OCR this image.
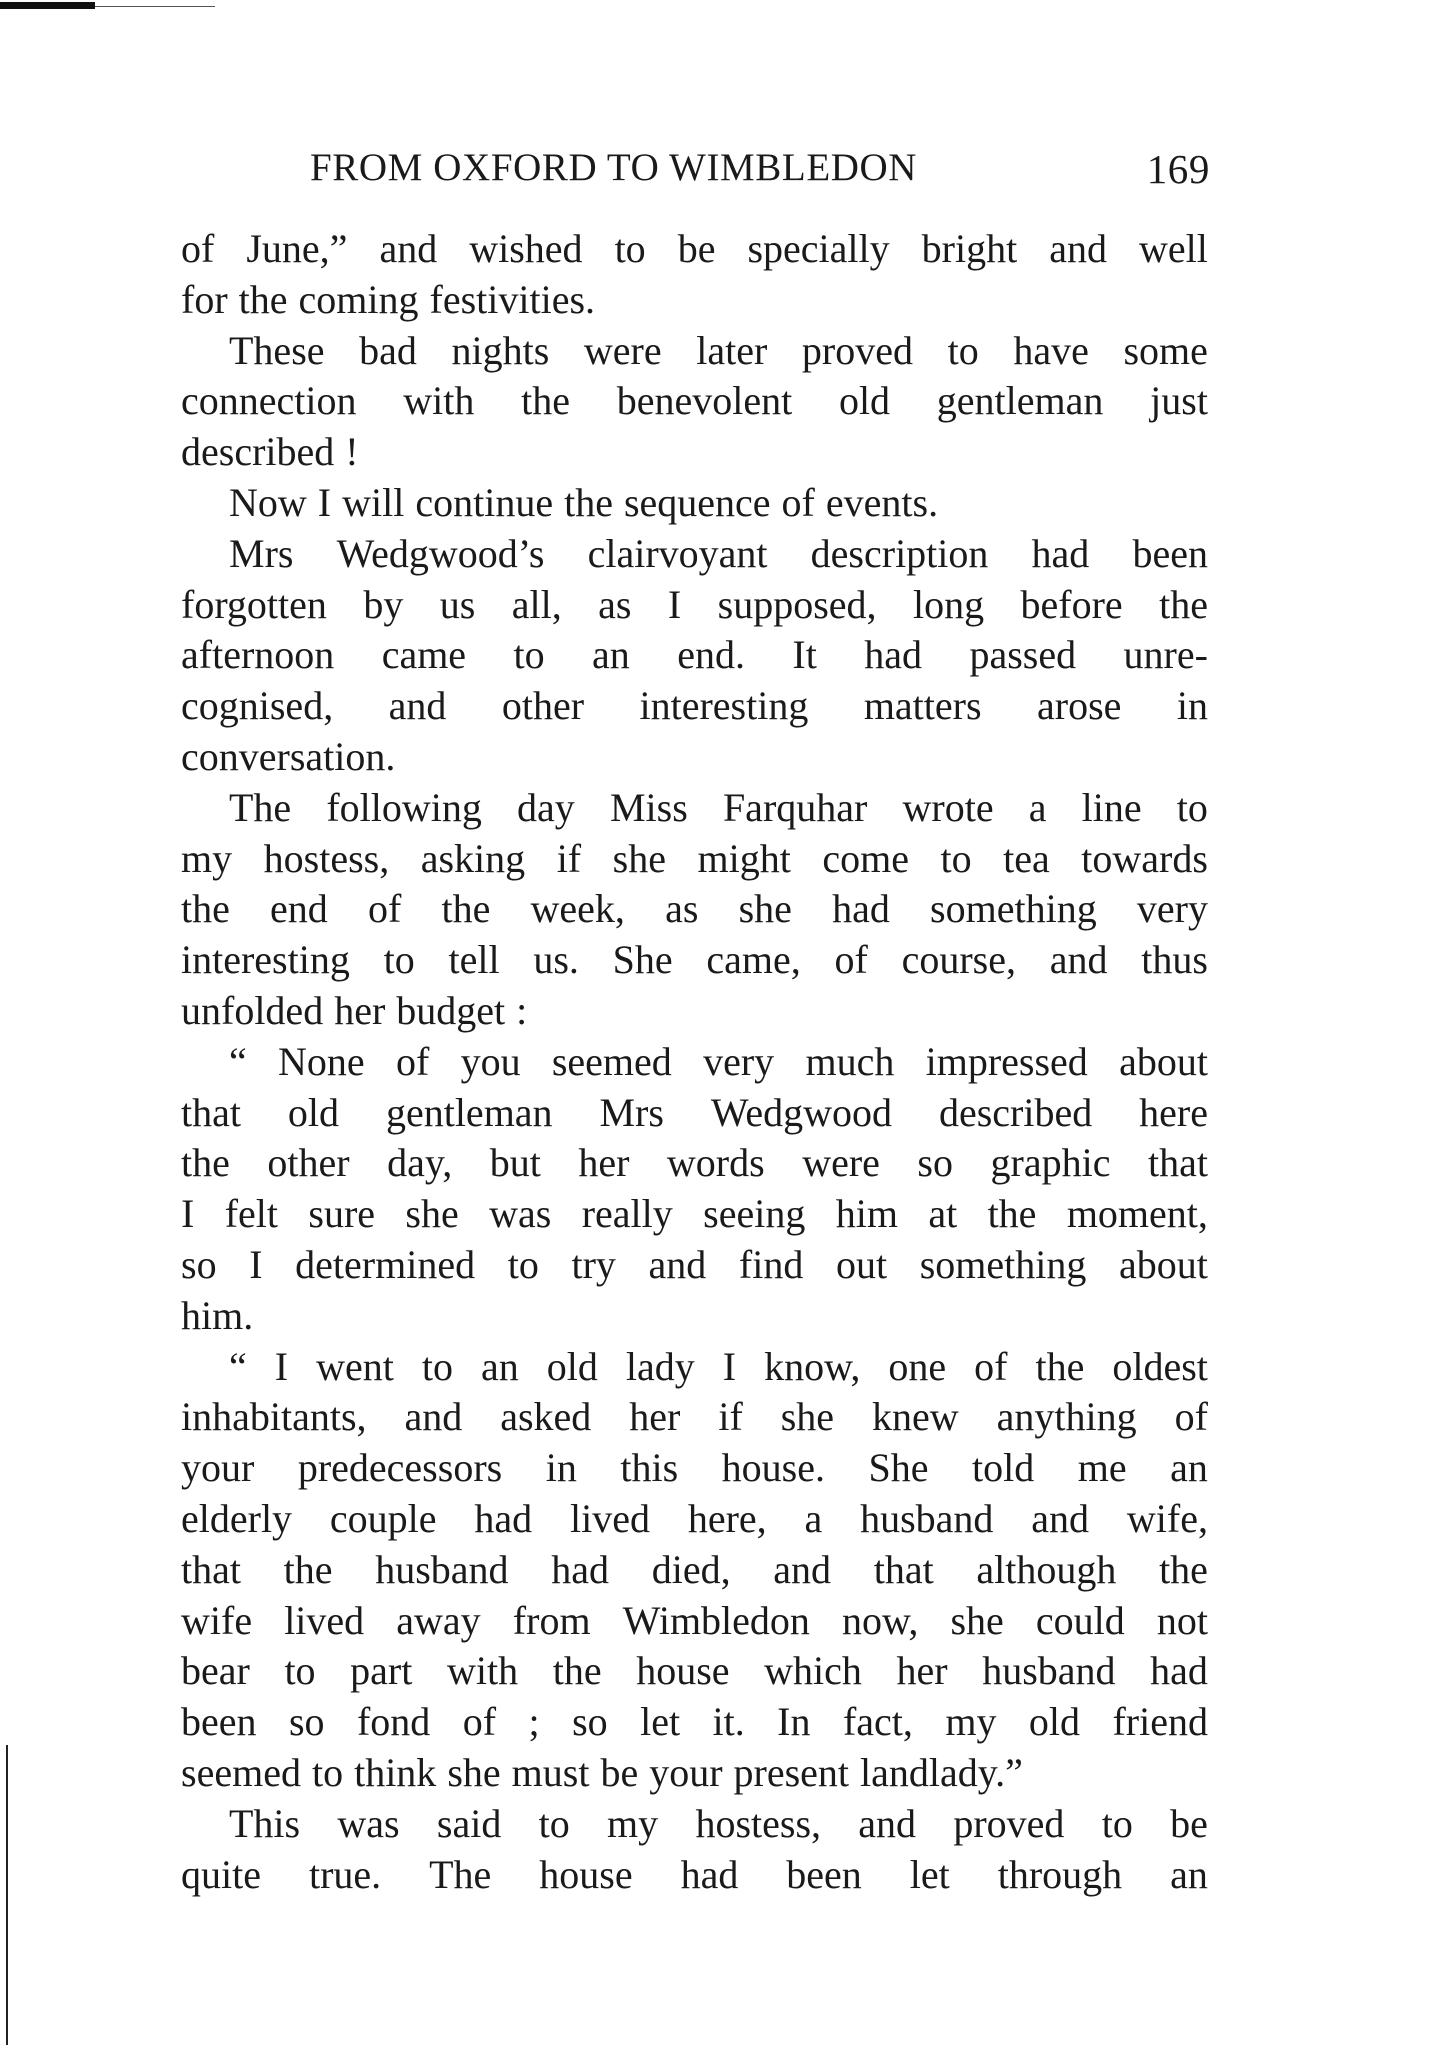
FROM OXFORD TO WIMBLEDON	169
of June,” and wished to be specially bright and well
for the coming festivities.
These bad nights were later proved to have some
connection with the benevolent old gentleman just
described !
Now I will continue the sequence of events.
Mrs Wedgwood’s clairvoyant description had been
forgotten by us all, as I supposed, long before the
afternoon came to an end. It had passed unre-
cognised, and other interesting matters arose in
conversation.
The following day Miss Farquhar wrote a line to
my hostess, asking if she might come to tea towards
the end of the week, as she had something very
interesting to tell us. She came, of course, and thus
unfolded her budget :
“ None of you seemed very much impressed about
that old gentleman Mrs Wedgwood described here
the other day, but her words were so graphic that
I felt sure she was really seeing him at the moment,
so I determined to try and find out something about
him.
“ I went to an old lady I know, one of the oldest
inhabitants, and asked her if she knew anything of
your predecessors in this house. She told me an
elderly couple had lived here, a husband and wife,
that the husband had died, and that although the
wife lived away from Wimbledon now, she could not
bear to part with the house which her husband had
been so fond of ; so let it. In fact, my old friend
seemed to think she must be your present landlady.”
This was said to my hostess, and proved to be
quite true. The house had been let through an
